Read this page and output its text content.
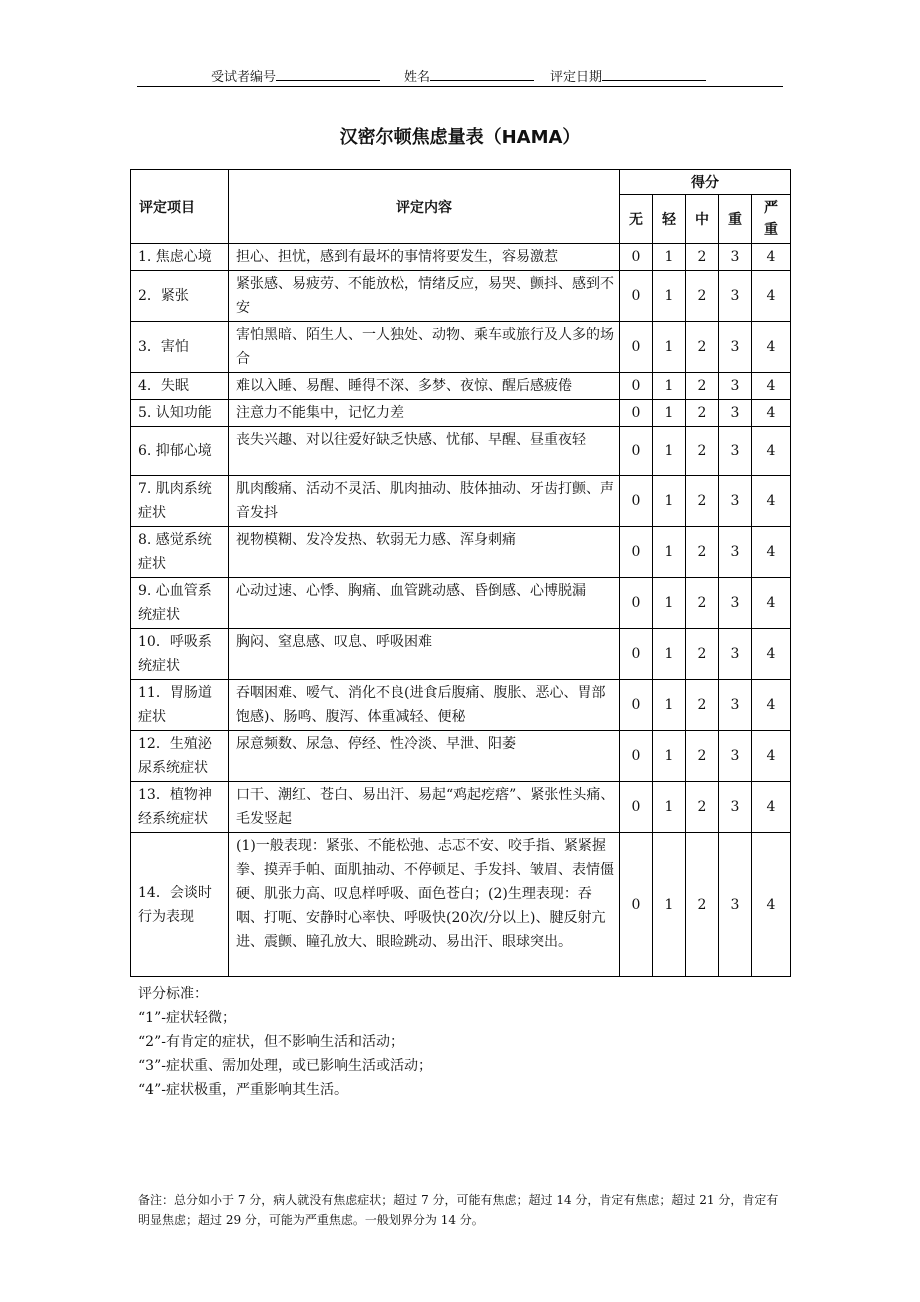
受试者编号	姓名	评定日期
汉密尔顿焦虑量表（HAMA）
评定项目	评定内容	得分				
		无	轻	中	重	严重
1. 焦虑心境	担心、担忧，感到有最坏的事情将要发生，容易激惹	0	1	2	3	4
2．紧张	紧张感、易疲劳、不能放松，情绪反应，易哭、颤抖、感到不安	0	1	2	3	4
3．害怕	害怕黑暗、陌生人、一人独处、动物、乘车或旅行及人多的场合	0	1	2	3	4
4．失眠	难以入睡、易醒、睡得不深、多梦、夜惊、醒后感疲倦	0	1	2	3	4
5. 认知功能	注意力不能集中，记忆力差	0	1	2	3	4
6. 抑郁心境	丧失兴趣、对以往爱好缺乏快感、忧郁、早醒、昼重夜轻	0	1	2	3	4
7. 肌肉系统症状	肌肉酸痛、活动不灵活、肌肉抽动、肢体抽动、牙齿打颤、声音发抖	0	1	2	3	4
8. 感觉系统症状	视物模糊、发冷发热、软弱无力感、浑身刺痛	0	1	2	3	4
9. 心血管系统症状	心动过速、心悸、胸痛、血管跳动感、昏倒感、心博脱漏	0	1	2	3	4
10．呼吸系统症状	胸闷、窒息感、叹息、呼吸困难	0	1	2	3	4
11．胃肠道症状	吞咽困难、嗳气、消化不良(进食后腹痛、腹胀、恶心、胃部饱感)、肠鸣、腹泻、体重减轻、便秘	0	1	2	3	4
12．生殖泌尿系统症状	尿意频数、尿急、停经、性冷淡、早泄、阳萎	0	1	2	3	4
13．植物神经系统症状	口干、潮红、苍白、易出汗、易起“鸡起疙瘩”、紧张性头痛、毛发竖起	0	1	2	3	4
14．会谈时行为表现	(1)一般表现：紧张、不能松弛、忐忑不安、咬手指、紧紧握拳、摸弄手帕、面肌抽动、不停顿足、手发抖、皱眉、表情僵硬、肌张力高、叹息样呼吸、面色苍白；(2)生理表现：吞咽、打呃、安静时心率快、呼吸快(20次/分以上)、腱反射亢进、震颤、瞳孔放大、眼睑跳动、易出汗、眼球突出。	0	1	2	3	4
评分标准：
“1”-症状轻微；
“2”-有肯定的症状，但不影响生活和活动；
“3”-症状重、需加处理，或已影响生活或活动；
“4”-症状极重，严重影响其生活。
备注：总分如小于 7 分，病人就没有焦虑症状；超过 7 分，可能有焦虑；超过 14 分，肯定有焦虑；超过 21 分，肯定有明显焦虑；超过 29 分，可能为严重焦虑。一般划界分为 14 分。
